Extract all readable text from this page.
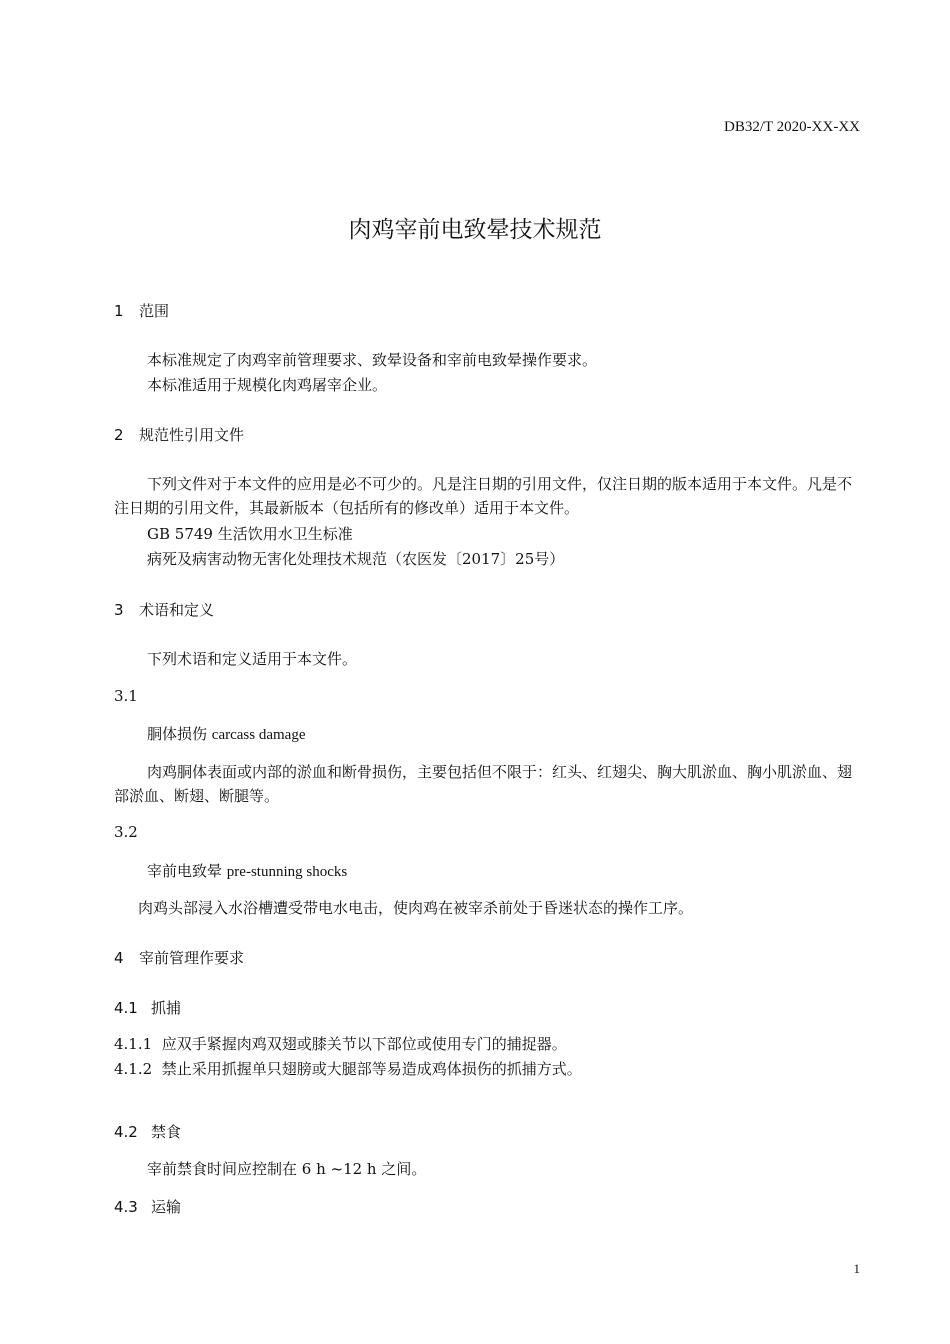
DB32/T 2020-XX-XX
肉鸡宰前电致晕技术规范
1 范围
本标准规定了肉鸡宰前管理要求、致晕设备和宰前电致晕操作要求。
本标准适用于规模化肉鸡屠宰企业。
2 规范性引用文件
下列文件对于本文件的应用是必不可少的。凡是注日期的引用文件，仅注日期的版本适用于本文件。凡是不注日期的引用文件，其最新版本（包括所有的修改单）适用于本文件。
GB 5749 生活饮用水卫生标准
病死及病害动物无害化处理技术规范（农医发〔2017〕25号）
3 术语和定义
下列术语和定义适用于本文件。
3.1
胴体损伤 carcass damage
肉鸡胴体表面或内部的淤血和断骨损伤，主要包括但不限于：红头、红翅尖、胸大肌淤血、胸小肌淤血、翅部淤血、断翅、断腿等。
3.2
宰前电致晕 pre-stunning shocks
肉鸡头部浸入水浴槽遭受带电水电击，使肉鸡在被宰杀前处于昏迷状态的操作工序。
4 宰前管理作要求
4.1 抓捕
4.1.1 应双手紧握肉鸡双翅或膝关节以下部位或使用专门的捕捉器。
4.1.2 禁止采用抓握单只翅膀或大腿部等易造成鸡体损伤的抓捕方式。
4.2 禁食
宰前禁食时间应控制在 6 h ~12 h 之间。
4.3 运输
1
